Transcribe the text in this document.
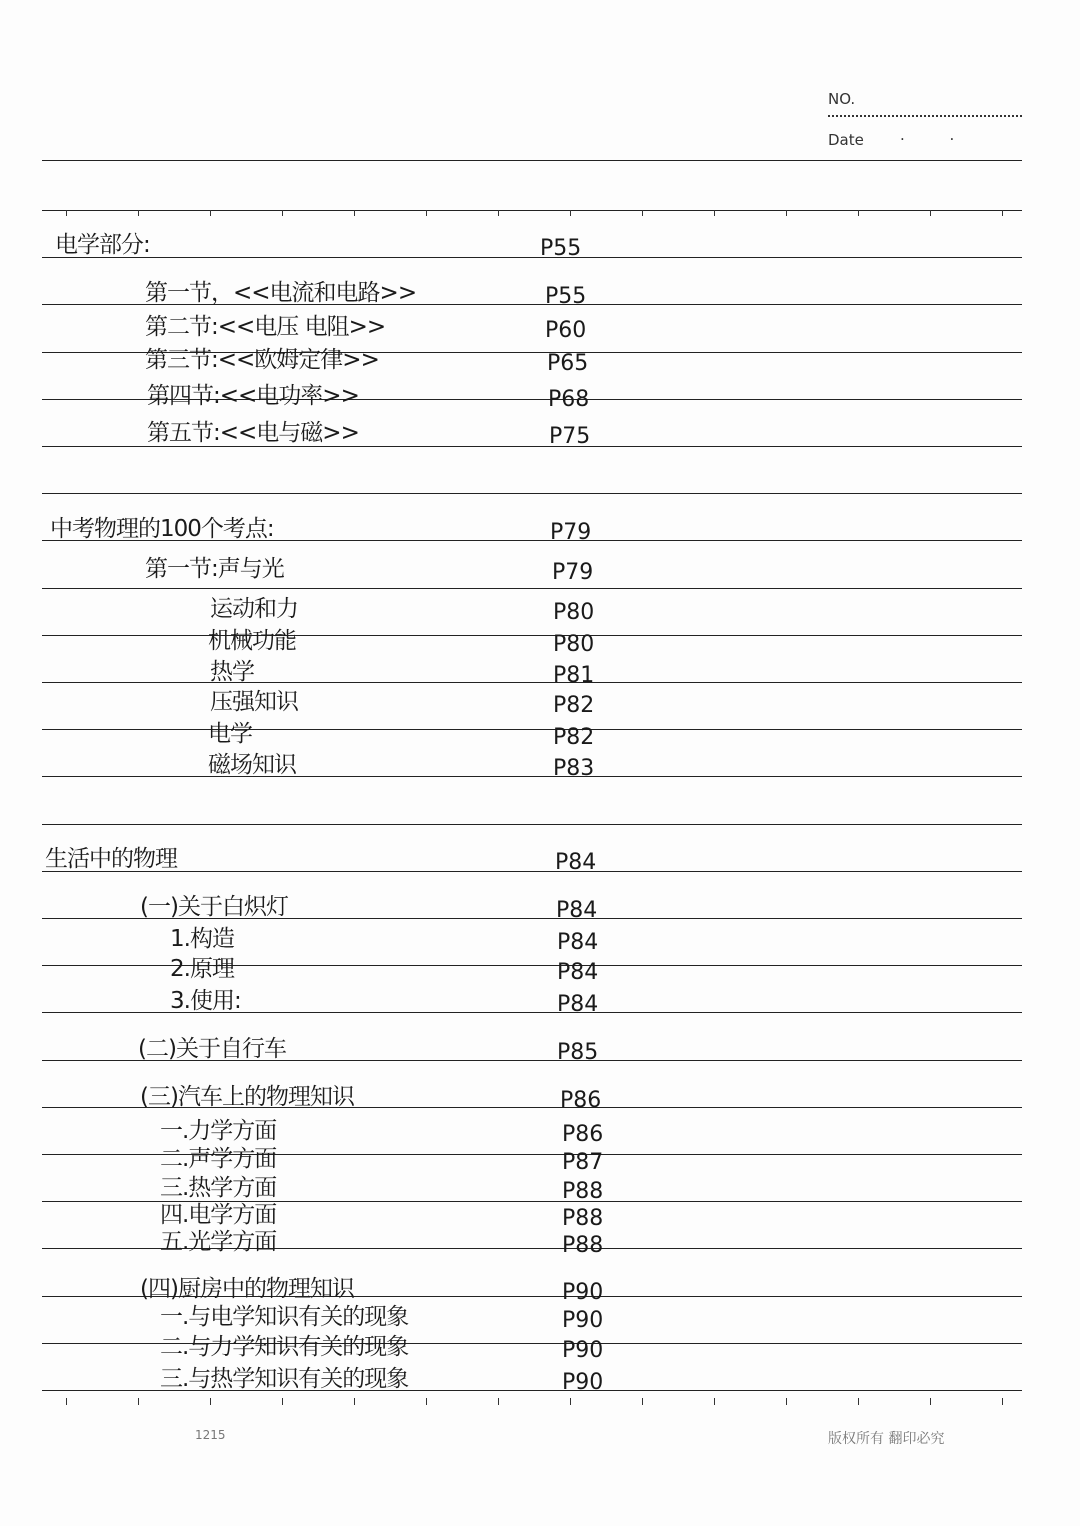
NO.
Date . .
电学部分:	P55
第一节，<<电流和电路>>	P55
第二节:<<电压 电阻>>	P60
第三节:<<欧姆定律>>	P65
第四节:<<电功率>>	P68
第五节:<<电与磁>>	P75
中考物理的100个考点:	P79
第一节:声与光	P79
运动和力	P80
机械功能	P80
热学	P81
压强知识	P82
电学	P82
磁场知识	P83
生活中的物理	P84
(一)关于白炽灯	P84
1.构造	P84
2.原理	P84
3.使用:	P84
(二)关于自行车	P85
(三)汽车上的物理知识	P86
一.力学方面	P86
二.声学方面	P87
三.热学方面	P88
四.电学方面	P88
五.光学方面	P88
(四)厨房中的物理知识	P90
一.与电学知识有关的现象	P90
二.与力学知识有关的现象	P90
三.与热学知识有关的现象	P90
1215	版权所有 翻印必究
